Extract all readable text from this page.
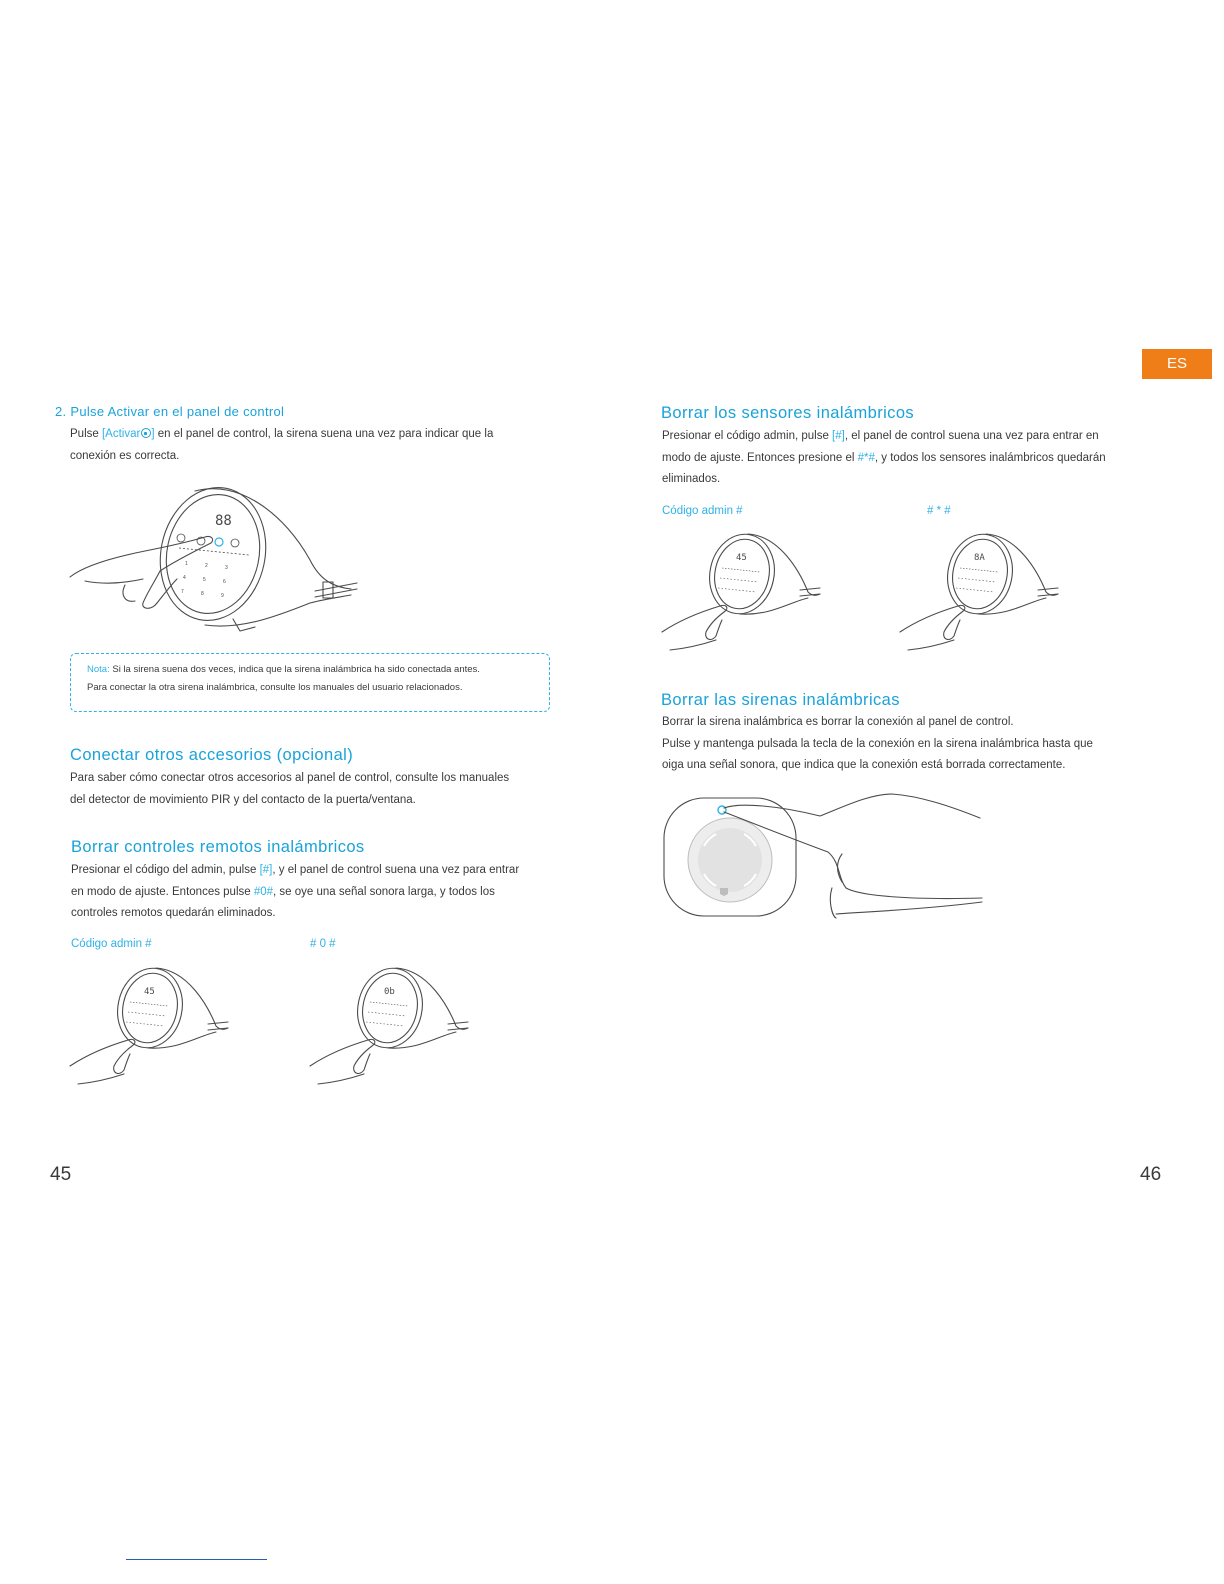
ES
2. Pulse Activar en el panel de control
Pulse [Activar ] en el panel de control, la sirena suena una vez para indicar que la
conexión es correcta.
88
1	2	3
4	5	6
7	8	9
Nota: Si la sirena suena dos veces, indica que la sirena inalámbrica ha sido conectada antes.
Para conectar la otra sirena inalámbrica, consulte los manuales del usuario relacionados.
Conectar otros accesorios (opcional)
Para saber cómo conectar otros accesorios al panel de control, consulte los manuales
del detector de movimiento PIR y del contacto de la puerta/ventana.
Borrar controles remotos inalámbricos
Presionar el código del admin, pulse [#], y el panel de control suena una vez para entrar
en modo de ajuste. Entonces pulse #0#, se oye una señal sonora larga, y todos los
controles remotos quedarán eliminados.
Código admin #	# 0 #
45	0b
45
Borrar los sensores inalámbricos
Presionar el código admin, pulse [#], el panel de control suena una vez para entrar en
modo de ajuste. Entonces presione el #*#, y todos los sensores inalámbricos quedarán
eliminados.
Código admin #	# * #
45	8A
Borrar las sirenas inalámbricas
Borrar la sirena inalámbrica es borrar la conexión al panel de control.
Pulse y mantenga pulsada la tecla de la conexión en la sirena inalámbrica hasta que
oiga una señal sonora, que indica que la conexión está borrada correctamente.
46
